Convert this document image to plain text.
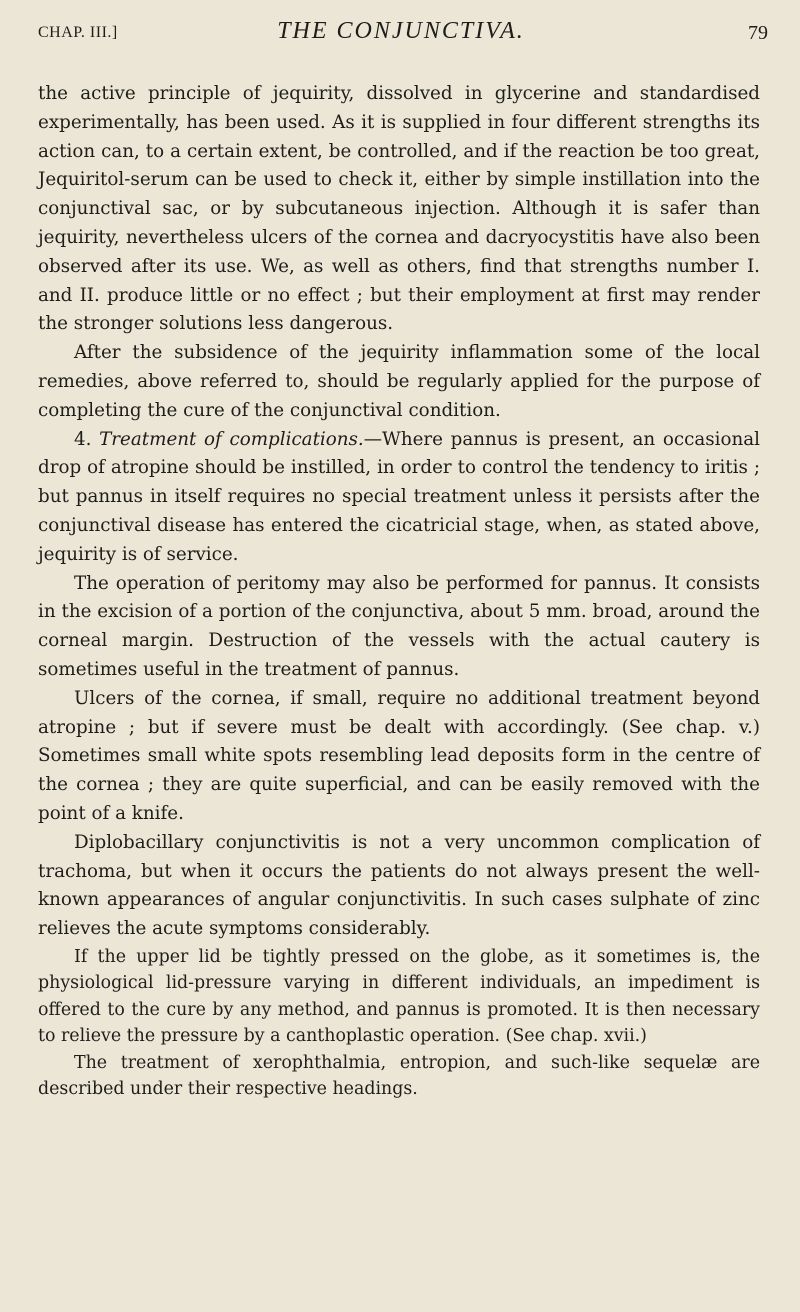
CHAP. III.]	THE CONJUNCTIVA.	79

the active principle of jequirity, dissolved in glycerine and standardised experimentally, has been used. As it is supplied in four different strengths its action can, to a certain extent, be controlled, and if the reaction be too great, Jequiritol-serum can be used to check it, either by simple instillation into the conjunctival sac, or by subcutaneous injection. Although it is safer than jequirity, nevertheless ulcers of the cornea and dacryocystitis have also been observed after its use. We, as well as others, find that strengths number I. and II. produce little or no effect ; but their employment at first may render the stronger solutions less dangerous.

After the subsidence of the jequirity inflammation some of the local remedies, above referred to, should be regularly applied for the purpose of completing the cure of the conjunctival condition.

4. Treatment of complications.—Where pannus is present, an occasional drop of atropine should be instilled, in order to control the tendency to iritis ; but pannus in itself requires no special treatment unless it persists after the conjunctival disease has entered the cicatricial stage, when, as stated above, jequirity is of service.

The operation of peritomy may also be performed for pannus. It consists in the excision of a portion of the conjunctiva, about 5 mm. broad, around the corneal margin. Destruction of the vessels with the actual cautery is sometimes useful in the treatment of pannus.

Ulcers of the cornea, if small, require no additional treatment beyond atropine ; but if severe must be dealt with accordingly. (See chap. v.) Sometimes small white spots resembling lead deposits form in the centre of the cornea ; they are quite superficial, and can be easily removed with the point of a knife.

Diplobacillary conjunctivitis is not a very uncommon complication of trachoma, but when it occurs the patients do not always present the well-known appearances of angular conjunctivitis. In such cases sulphate of zinc relieves the acute symptoms considerably.

If the upper lid be tightly pressed on the globe, as it sometimes is, the physiological lid-pressure varying in different individuals, an impediment is offered to the cure by any method, and pannus is promoted. It is then necessary to relieve the pressure by a canthoplastic operation. (See chap. xvii.)

The treatment of xerophthalmia, entropion, and such-like sequelæ are described under their respective headings.
